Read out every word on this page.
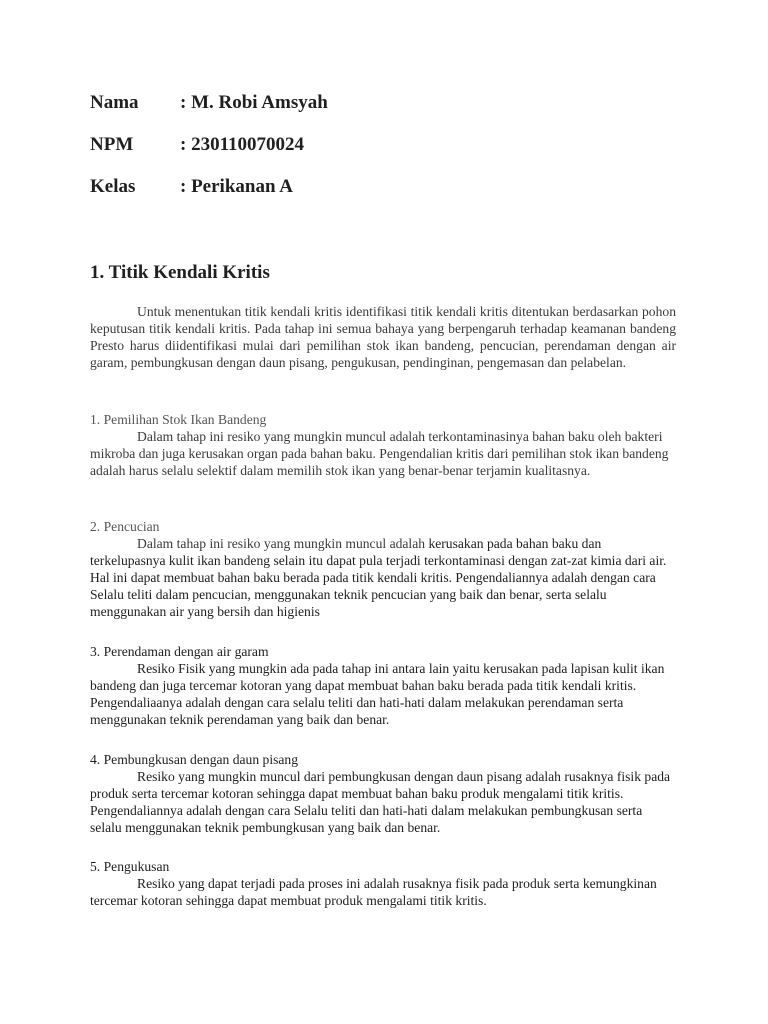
Nama	: M. Robi Amsyah
NPM	: 230110070024
Kelas	: Perikanan A
1. Titik Kendali Kritis

Untuk menentukan titik kendali kritis identifikasi titik kendali kritis ditentukan berdasarkan pohon keputusan titik kendali kritis. Pada tahap ini semua bahaya yang berpengaruh terhadap keamanan bandeng Presto harus diidentifikasi mulai dari pemilihan stok ikan bandeng, pencucian, perendaman dengan air garam, pembungkusan dengan daun pisang, pengukusan, pendinginan, pengemasan dan pelabelan.

1. Pemilihan Stok Ikan Bandeng

Dalam tahap ini resiko yang mungkin muncul adalah terkontaminasinya bahan baku oleh bakteri mikroba dan juga kerusakan organ pada bahan baku. Pengendalian kritis dari pemilihan stok ikan bandeng adalah harus selalu selektif dalam memilih stok ikan yang benar-benar terjamin kualitasnya.

2. Pencucian

Dalam tahap ini resiko yang mungkin muncul adalah kerusakan pada bahan baku dan terkelupasnya kulit ikan bandeng selain itu dapat pula terjadi terkontaminasi dengan zat-zat kimia dari air. Hal ini dapat membuat bahan baku berada pada titik kendali kritis. Pengendaliannya adalah dengan cara Selalu teliti dalam pencucian, menggunakan teknik pencucian yang baik dan benar, serta selalu menggunakan air yang bersih dan higienis

3. Perendaman dengan air garam

Resiko Fisik yang mungkin ada pada tahap ini antara lain yaitu kerusakan pada lapisan kulit ikan bandeng dan juga tercemar kotoran yang dapat membuat bahan baku berada pada titik kendali kritis. Pengendaliaanya adalah dengan cara selalu teliti dan hati-hati dalam melakukan perendaman serta menggunakan teknik perendaman yang baik dan benar.

4. Pembungkusan dengan daun pisang

Resiko yang mungkin muncul dari pembungkusan dengan daun pisang adalah rusaknya fisik pada produk serta tercemar kotoran sehingga dapat membuat bahan baku produk mengalami titik kritis. Pengendaliannya adalah dengan cara Selalu teliti dan hati-hati dalam melakukan pembungkusan serta selalu menggunakan teknik pembungkusan yang baik dan benar.

5. Pengukusan

Resiko yang dapat terjadi pada proses ini adalah rusaknya fisik pada produk serta kemungkinan tercemar kotoran sehingga dapat membuat produk mengalami titik kritis.
